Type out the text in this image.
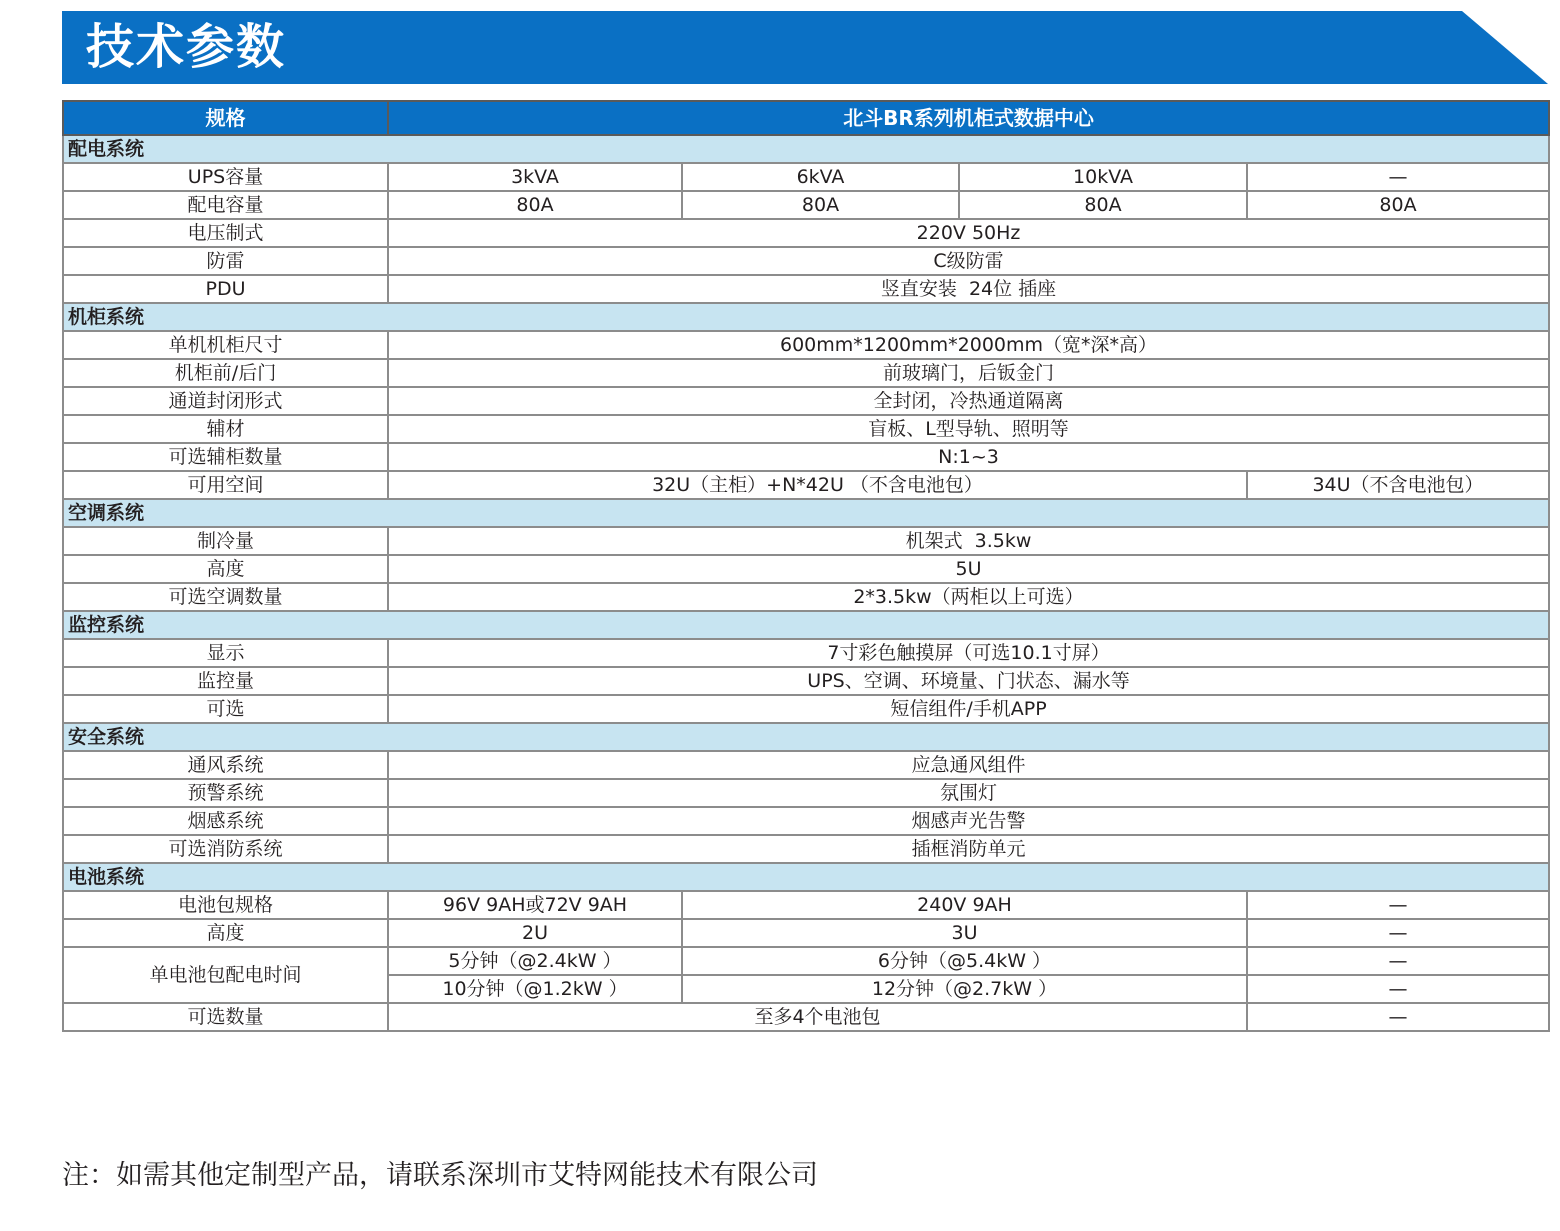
技术参数
规格	北斗BR系列机柜式数据中心			
配电系统				
UPS容量	3kVA	6kVA	10kVA	—
配电容量	80A	80A	80A	80A
电压制式	220V 50Hz			
防雷	C级防雷			
PDU	竖直安装  24位 插座			
机柜系统				
单机机柜尺寸	600mm*1200mm*2000mm（宽*深*高）			
机柜前/后门	前玻璃门，后钣金门			
通道封闭形式	全封闭，冷热通道隔离			
辅材	盲板、L型导轨、照明等			
可选辅柜数量	N:1~3			
可用空间	32U（主柜）+N*42U （不含电池包）			34U（不含电池包）
空调系统				
制冷量	机架式  3.5kw			
高度	5U			
可选空调数量	2*3.5kw（两柜以上可选）			
监控系统				
显示	7寸彩色触摸屏（可选10.1寸屏）			
监控量	UPS、空调、环境量、门状态、漏水等			
可选	短信组件/手机APP			
安全系统				
通风系统	应急通风组件			
预警系统	氛围灯			
烟感系统	烟感声光告警			
可选消防系统	插框消防单元			
电池系统				
电池包规格	96V 9AH或72V 9AH	240V 9AH		—
高度	2U	3U		—
单电池包配电时间	5分钟（@2.4kW ）	6分钟（@5.4kW ）		—
	10分钟（@1.2kW ）	12分钟（@2.7kW ）		—
可选数量	至多4个电池包			—
注：如需其他定制型产品，请联系深圳市艾特网能技术有限公司
